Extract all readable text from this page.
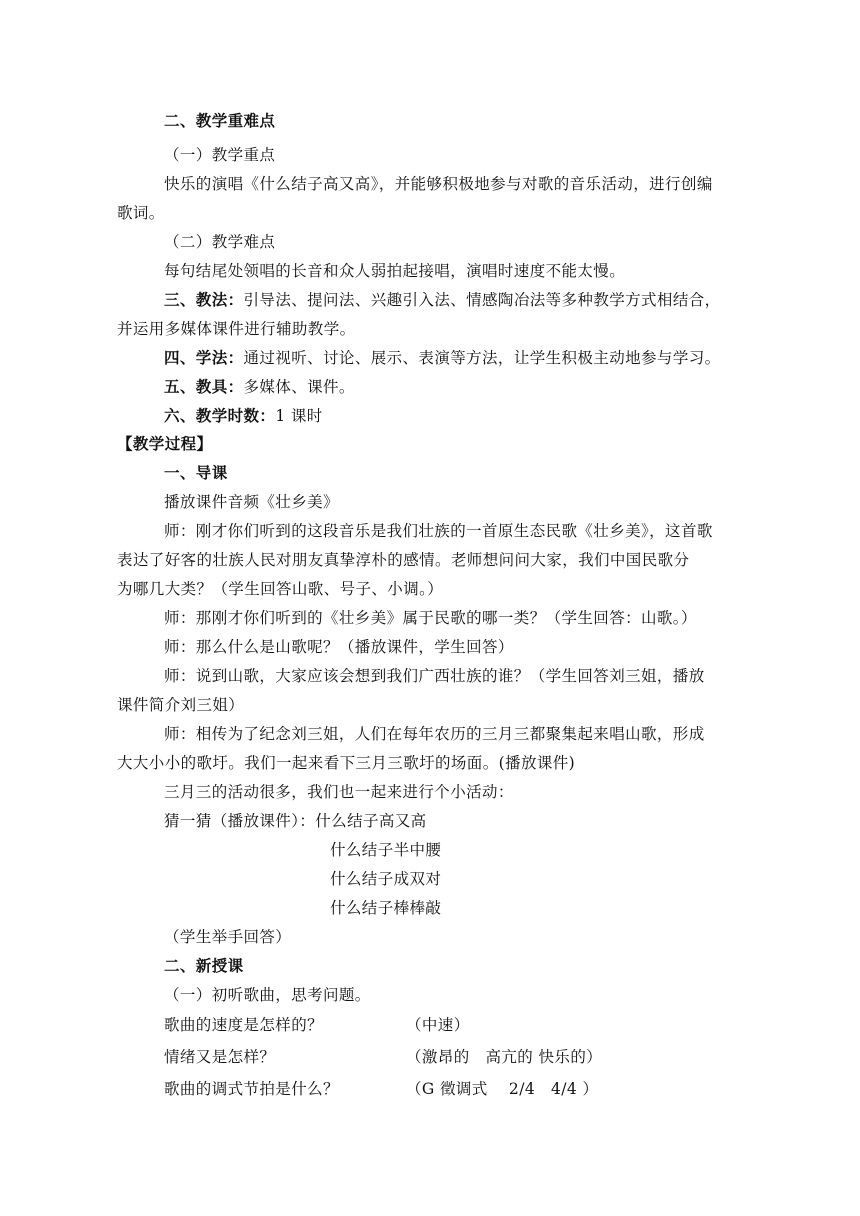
二、教学重难点
（一）教学重点
快乐的演唱《什么结子高又高》，并能够积极地参与对歌的音乐活动，进行创编
歌词。
（二）教学难点
每句结尾处领唱的长音和众人弱拍起接唱，演唱时速度不能太慢。
三、教法：引导法、提问法、兴趣引入法、情感陶冶法等多种教学方式相结合，
并运用多媒体课件进行辅助教学。
四、学法：通过视听、讨论、展示、表演等方法，让学生积极主动地参与学习。
五、教具：多媒体、课件。
六、教学时数：1 课时
【教学过程】
一、导课
播放课件音频《壮乡美》
师：刚才你们听到的这段音乐是我们壮族的一首原生态民歌《壮乡美》，这首歌
表达了好客的壮族人民对朋友真挚淳朴的感情。老师想问问大家，我们中国民歌分
为哪几大类？（学生回答山歌、号子、小调。）
师：那刚才你们听到的《壮乡美》属于民歌的哪一类？（学生回答：山歌。）
师：那么什么是山歌呢？（播放课件，学生回答）
师：说到山歌，大家应该会想到我们广西壮族的谁？（学生回答刘三姐，播放
课件简介刘三姐）
师：相传为了纪念刘三姐，人们在每年农历的三月三都聚集起来唱山歌，形成
大大小小的歌圩。我们一起来看下三月三歌圩的场面。(播放课件)
三月三的活动很多，我们也一起来进行个小活动：
猜一猜（播放课件）：什么结子高又高
什么结子半中腰
什么结子成双对
什么结子棒棒敲
（学生举手回答）
二、新授课
（一）初听歌曲，思考问题。
歌曲的速度是怎样的？	（中速）
情绪又是怎样？	（激昂的　高亢的 快乐的）
歌曲的调式节拍是什么？	（G 徵调式　 2/4　4/4 ）
